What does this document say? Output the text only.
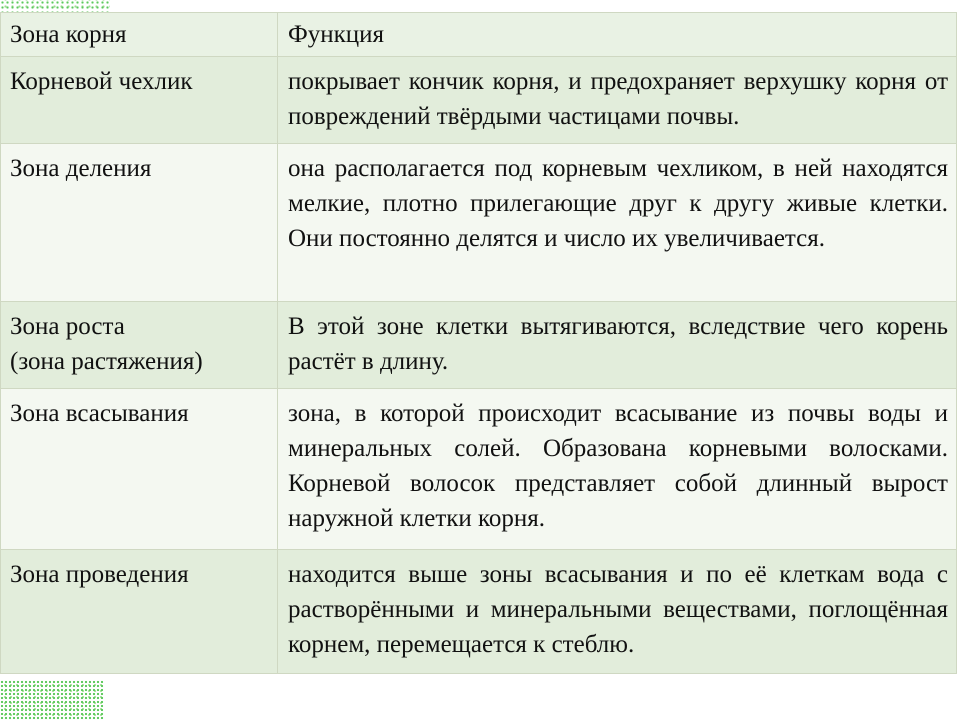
Зона корня	Функция
Корневой чехлик	покрывает кончик корня, и предохраняет верхушку корня от повреждений твёрдыми частицами почвы.
Зона деления	она располагается под корневым чехликом, в ней находятся мелкие, плотно прилегающие друг к другу живые клетки. Они постоянно делятся и число их увеличивается.

Зона роста
(зона растяжения)	В этой зоне клетки вытягиваются, вследствие чего корень растёт в длину.
Зона всасывания	зона, в которой происходит всасывание из почвы воды и минеральных солей. Образована корневыми волосками. Корневой волосок представляет собой длинный вырост наружной клетки корня.
Зона проведения	находится выше зоны всасывания и по её клеткам вода с растворёнными и минеральными веществами, поглощённая корнем, перемещается к стеблю.
